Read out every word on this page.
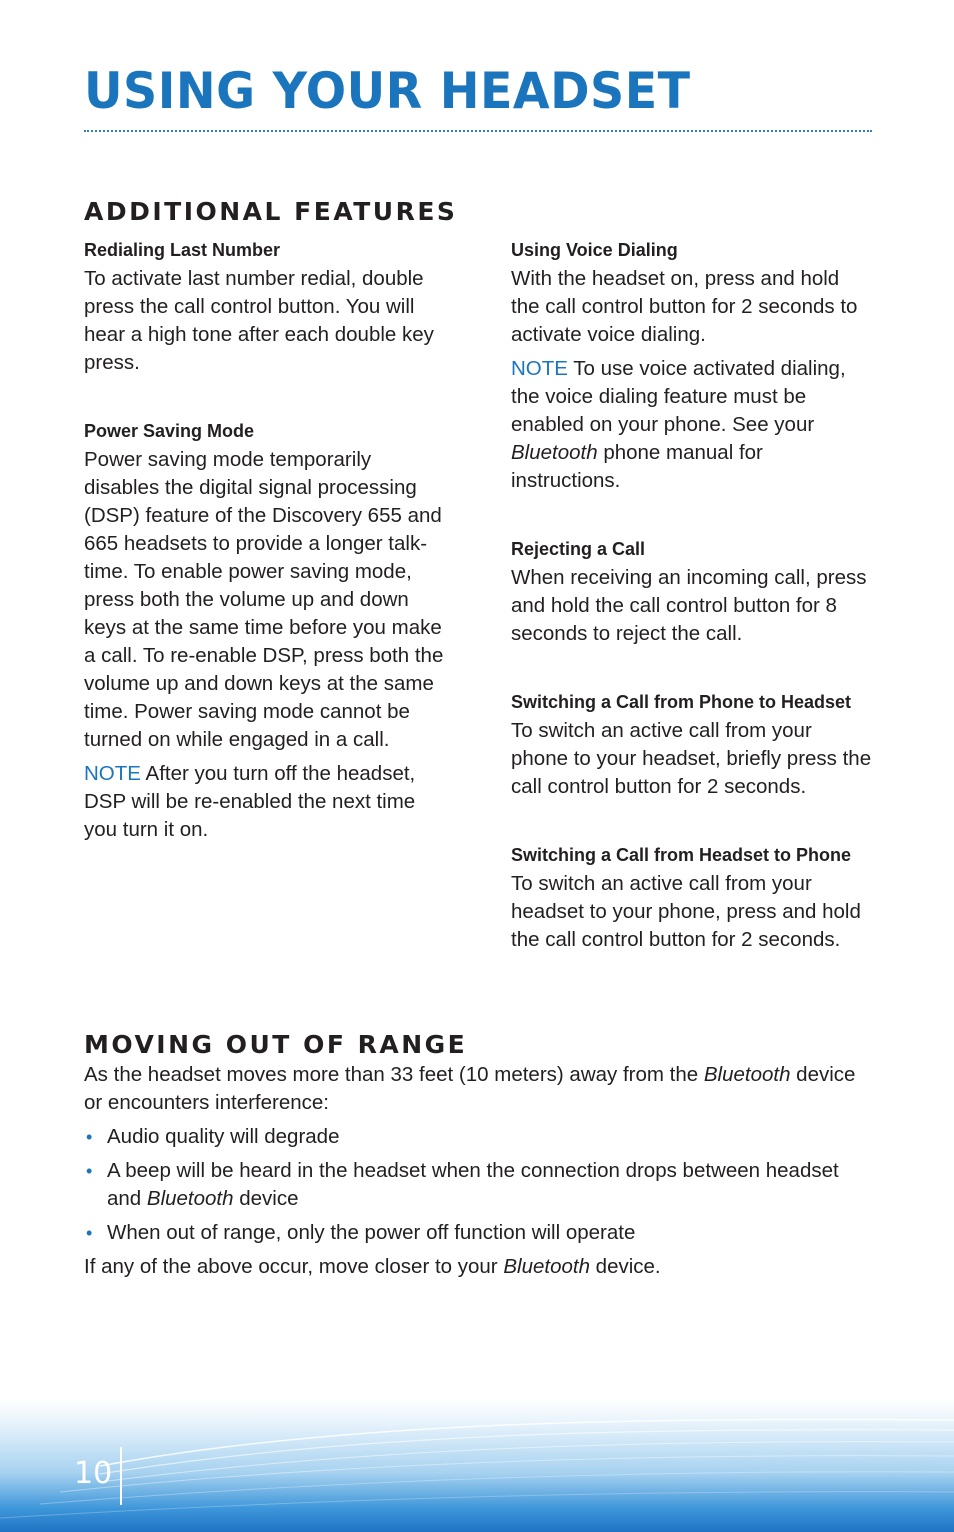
USING YOUR HEADSET
ADDITIONAL FEATURES

Redialing Last Number

To activate last number redial, double press the call control button. You will hear a high tone after each double key press.

Power Saving Mode

Power saving mode temporarily disables the digital signal processing (DSP) feature of the Discovery 655 and 665 headsets to provide a longer talk-time. To enable power saving mode, press both the volume up and down keys at the same time before you make a call. To re-enable DSP, press both the volume up and down keys at the same time. Power saving mode cannot be turned on while engaged in a call.

NOTE After you turn off the headset, DSP will be re-enabled the next time you turn it on.

Using Voice Dialing

With the headset on, press and hold the call control button for 2 seconds to activate voice dialing.

NOTE To use voice activated dialing, the voice dialing feature must be enabled on your phone. See your Bluetooth phone manual for instructions.

Rejecting a Call

When receiving an incoming call, press and hold the call control button for 8 seconds to reject the call.

Switching a Call from Phone to Headset

To switch an active call from your phone to your headset, briefly press the call control button for 2 seconds.

Switching a Call from Headset to Phone

To switch an active call from your headset to your phone, press and hold the call control button for 2 seconds.

MOVING OUT OF RANGE

As the headset moves more than 33 feet (10 meters) away from the Bluetooth device or encounters interference:

• Audio quality will degrade
• A beep will be heard in the headset when the connection drops between headset and Bluetooth device
• When out of range, only the power off function will operate

If any of the above occur, move closer to your Bluetooth device.

10
